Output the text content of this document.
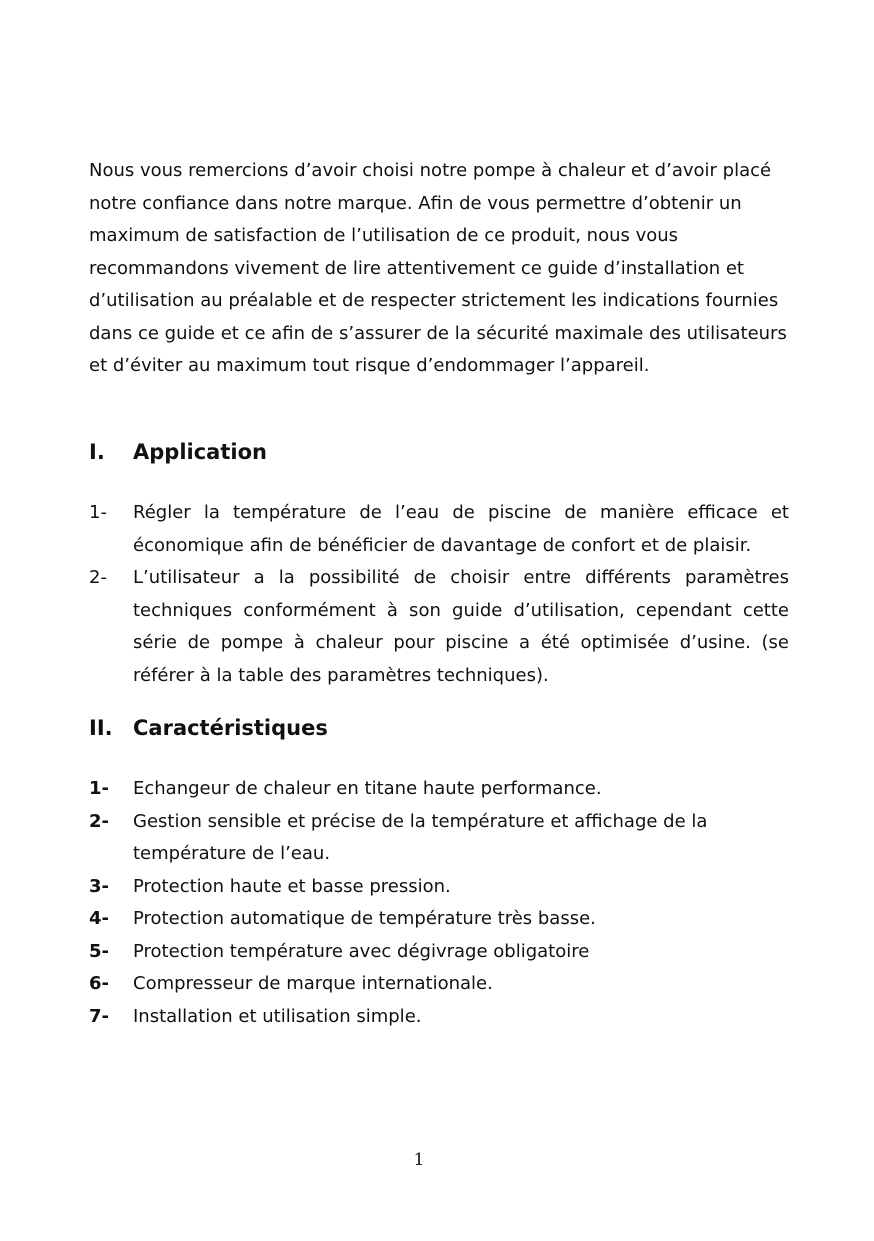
Nous vous remercions d’avoir choisi notre pompe à chaleur et d’avoir placé notre confiance dans notre marque. Afin de vous permettre d’obtenir un maximum de satisfaction de l’utilisation de ce produit, nous vous recommandons vivement de lire attentivement ce guide d’installation et d’utilisation au préalable et de respecter strictement les indications fournies dans ce guide et ce afin de s’assurer de la sécurité maximale des utilisateurs et d’éviter au maximum tout risque d’endommager l’appareil.

I.	Application
1-	Régler la température de l’eau de piscine de manière efficace et économique afin de bénéficier de davantage de confort et de plaisir.
2-	L’utilisateur a la possibilité de choisir entre différents paramètres techniques conformément à son guide d’utilisation, cependant cette série de pompe à chaleur pour piscine a été optimisée d’usine. (se référer à la table des paramètres techniques).
II. Caractéristiques
1-	Echangeur de chaleur en titane haute performance.
2-	Gestion sensible et précise de la température et affichage de la température de l’eau.
3-	Protection haute et basse pression.
4-	Protection automatique de température très basse.
5-	Protection température avec dégivrage obligatoire
6-	Compresseur de marque internationale.
7-	Installation et utilisation simple.
1
